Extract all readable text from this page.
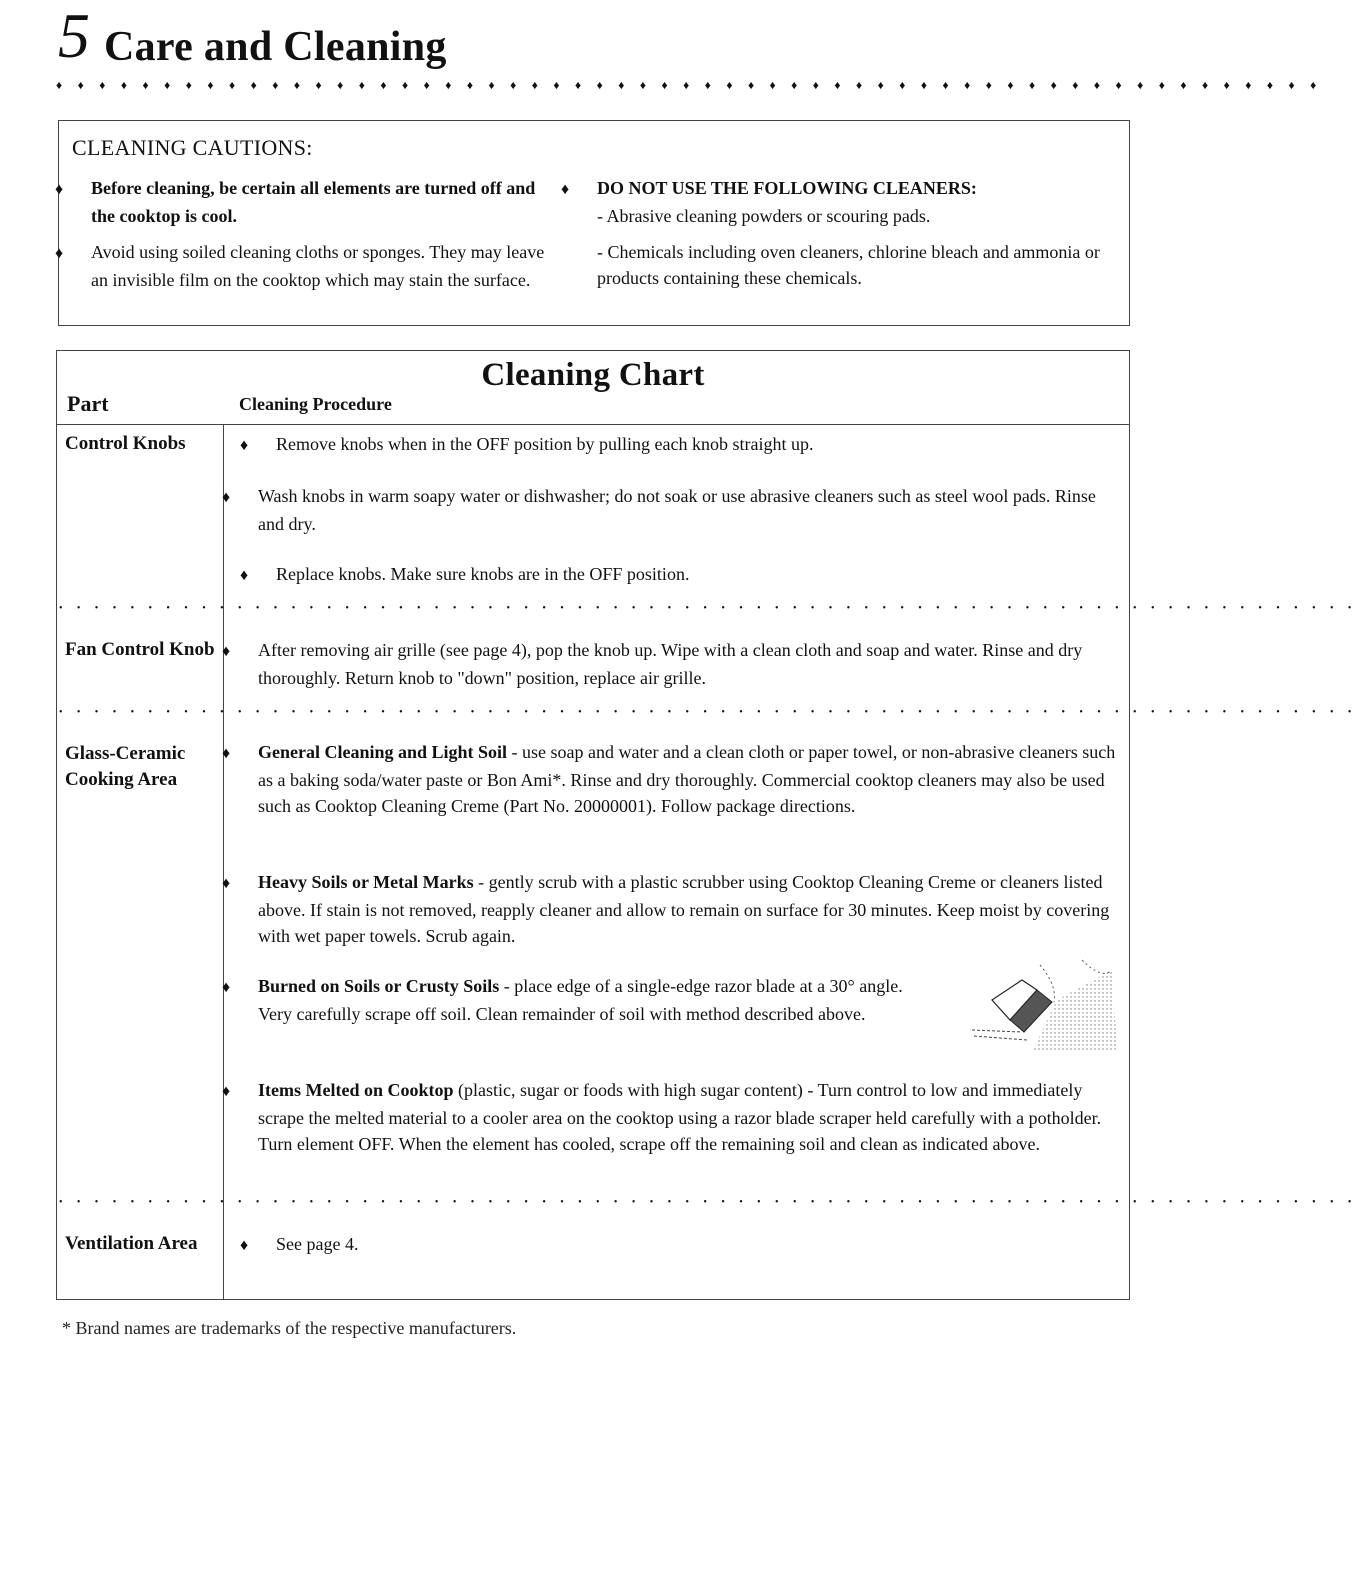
5 Care and Cleaning
♦♦♦♦♦♦♦♦♦♦♦♦♦♦♦♦♦♦♦♦♦♦♦♦♦♦♦♦♦♦♦♦♦♦♦♦♦♦♦♦♦♦♦♦♦♦♦♦♦♦♦♦♦♦♦♦♦♦♦
CLEANING CAUTIONS:

♦ Before cleaning, be certain all elements are turned off and the cooktop is cool.

♦ Avoid using soiled cleaning cloths or sponges. They may leave an invisible film on the cooktop which may stain the surface.

♦ DO NOT USE THE FOLLOWING CLEANERS:

- Abrasive cleaning powders or scouring pads.

- Chemicals including oven cleaners, chlorine bleach and ammonia or products containing these chemicals.

Cleaning Chart
Part	Cleaning Procedure
Control Knobs	♦ Remove knobs when in the OFF position by pulling each knob straight up.

♦ Wash knobs in warm soapy water or dishwasher; do not soak or use abrasive cleaners such as steel wool pads. Rinse and dry.

♦ Replace knobs. Make sure knobs are in the OFF position.

•••••••••••••••••••••••••••••••••••••••••••••••••••••••••••••••••••••••••
Fan Control Knob ♦ After removing air grille (see page 4), pop the knob up. Wipe with a clean cloth and soap and water. Rinse and dry thoroughly. Return knob to "down" position, replace air grille.

•••••••••••••••••••••••••••••••••••••••••••••••••••••••••••••••••••••••••
Glass-Ceramic Cooking Area

♦ General Cleaning and Light Soil - use soap and water and a clean cloth or paper towel, or non-abrasive cleaners such as a baking soda/water paste or Bon Ami*. Rinse and dry thoroughly. Commercial cooktop cleaners may also be used such as Cooktop Cleaning Creme (Part No. 20000001). Follow package directions.

♦ Heavy Soils or Metal Marks - gently scrub with a plastic scrubber using Cooktop Cleaning Creme or cleaners listed above. If stain is not removed, reapply cleaner and allow to remain on surface for 30 minutes. Keep moist by covering with wet paper towels. Scrub again.

♦ Burned on Soils or Crusty Soils - place edge of a single-edge razor blade at a 30° angle. Very carefully scrape off soil. Clean remainder of soil with method described above.

♦ Items Melted on Cooktop (plastic, sugar or foods with high sugar content) - Turn control to low and immediately scrape the melted material to a cooler area on the cooktop using a razor blade scraper held carefully with a potholder. Turn element OFF. When the element has cooled, scrape off the remaining soil and clean as indicated above.

•••••••••••••••••••••••••••••••••••••••••••••••••••••••••••••••••••••••••
Ventilation Area	♦ See page 4.

* Brand names are trademarks of the respective manufacturers.
